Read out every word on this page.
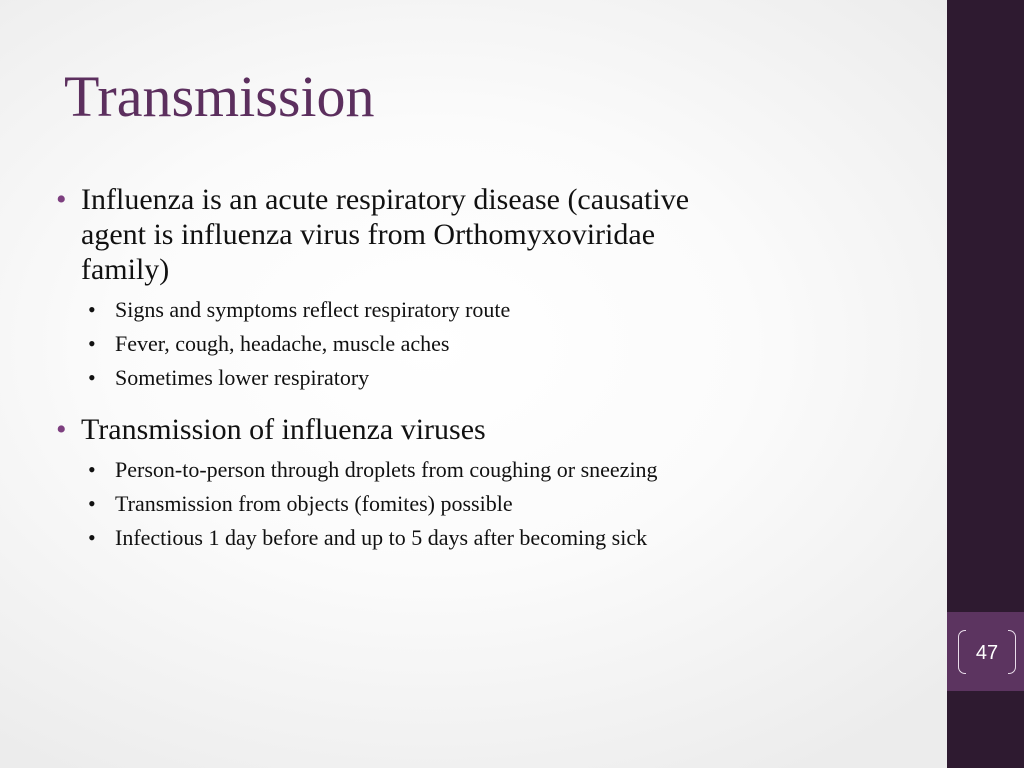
Transmission
• Influenza is an acute respiratory disease (causative agent is influenza virus from Orthomyxoviridae family)
• Signs and symptoms reflect respiratory route
• Fever, cough, headache, muscle aches
• Sometimes lower respiratory
• Transmission of influenza viruses
• Person-to-person through droplets from coughing or sneezing
• Transmission from objects (fomites) possible
• Infectious 1 day before and up to 5 days after becoming sick
47
